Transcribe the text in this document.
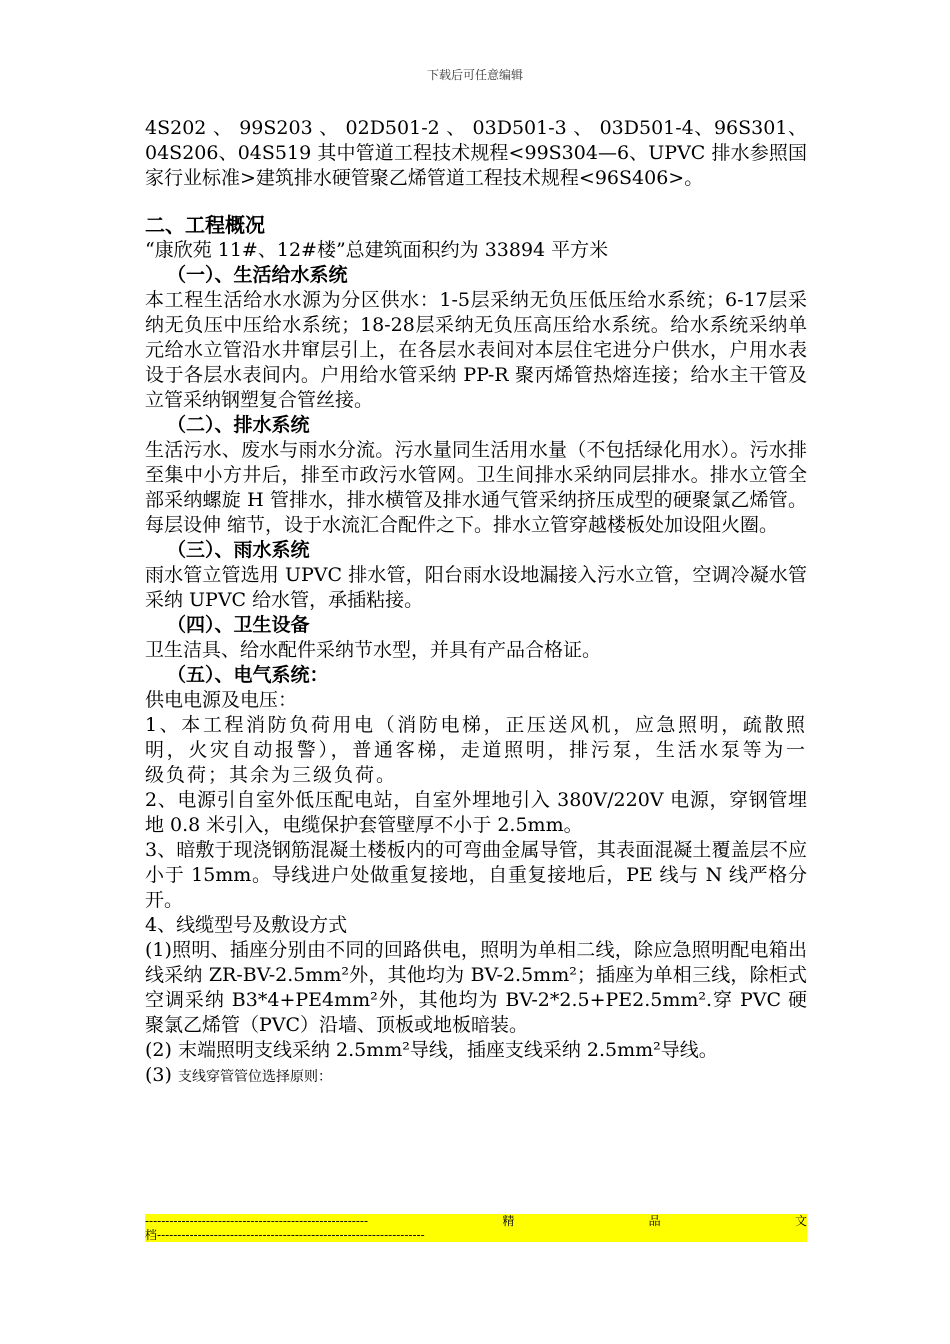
下载后可任意编辑

4S202 、 99S203 、 02D501-2 、 03D501-3 、 03D501-4、96S301、04S206、04S519 其中管道工程技术规程<99S304—6、UPVC 排水参照国家行业标准>建筑排水硬管聚乙烯管道工程技术规程<96S406>。

二、工程概况

“康欣苑 11#、12#楼”总建筑面积约为 33894 平方米

（一）、生活给水系统

本工程生活给水水源为分区供水：1-5层采纳无负压低压给水系统；6-17层采纳无负压中压给水系统；18-28层采纳无负压高压给水系统。给水系统采纳单元给水立管沿水井窜层引上，在各层水表间对本层住宅进分户供水，户用水表设于各层水表间内。户用给水管采纳 PP-R 聚丙烯管热熔连接；给水主干管及立管采纳钢塑复合管丝接。

（二）、排水系统

生活污水、废水与雨水分流。污水量同生活用水量（不包括绿化用水）。污水排至集中小方井后，排至市政污水管网。卫生间排水采纳同层排水。排水立管全部采纳螺旋 H 管排水，排水横管及排水通气管采纳挤压成型的硬聚氯乙烯管。每层设伸 缩节，设于水流汇合配件之下。排水立管穿越楼板处加设阻火圈。

（三）、雨水系统

雨水管立管选用 UPVC 排水管，阳台雨水设地漏接入污水立管，空调冷凝水管采纳 UPVC 给水管，承插粘接。

（四）、卫生设备

卫生洁具、给水配件采纳节水型，并具有产品合格证。

（五）、电气系统：

供电电源及电压：

1、本工程消防负荷用电（消防电梯，正压送风机，应急照明，疏散照明，火灾自动报警），普通客梯，走道照明，排污泵，生活水泵等为一级负荷；其余为三级负荷。

2、电源引自室外低压配电站，自室外埋地引入 380V/220V 电源，穿钢管埋地 0.8 米引入，电缆保护套管壁厚不小于 2.5mm。

3、暗敷于现浇钢筋混凝土楼板内的可弯曲金属导管，其表面混凝土覆盖层不应小于 15mm。导线进户处做重复接地，自重复接地后，PE 线与 N 线严格分开。

4、线缆型号及敷设方式

(1)照明、插座分别由不同的回路供电，照明为单相二线，除应急照明配电箱出线采纳 ZR-BV-2.5mm²外，其他均为 BV-2.5mm²；插座为单相三线，除柜式空调采纳 B3*4+PE4mm²外，其他均为 BV-2*2.5+PE2.5mm².穿 PVC 硬聚氯乙烯管（PVC）沿墙、顶板或地板暗装。

(2) 末端照明支线采纳 2.5mm²导线，插座支线采纳 2.5mm²导线。

(3) 支线穿管管位选择原则：

-------------------------------------------------------	精	品	文
档------------------------------------------------------------------
